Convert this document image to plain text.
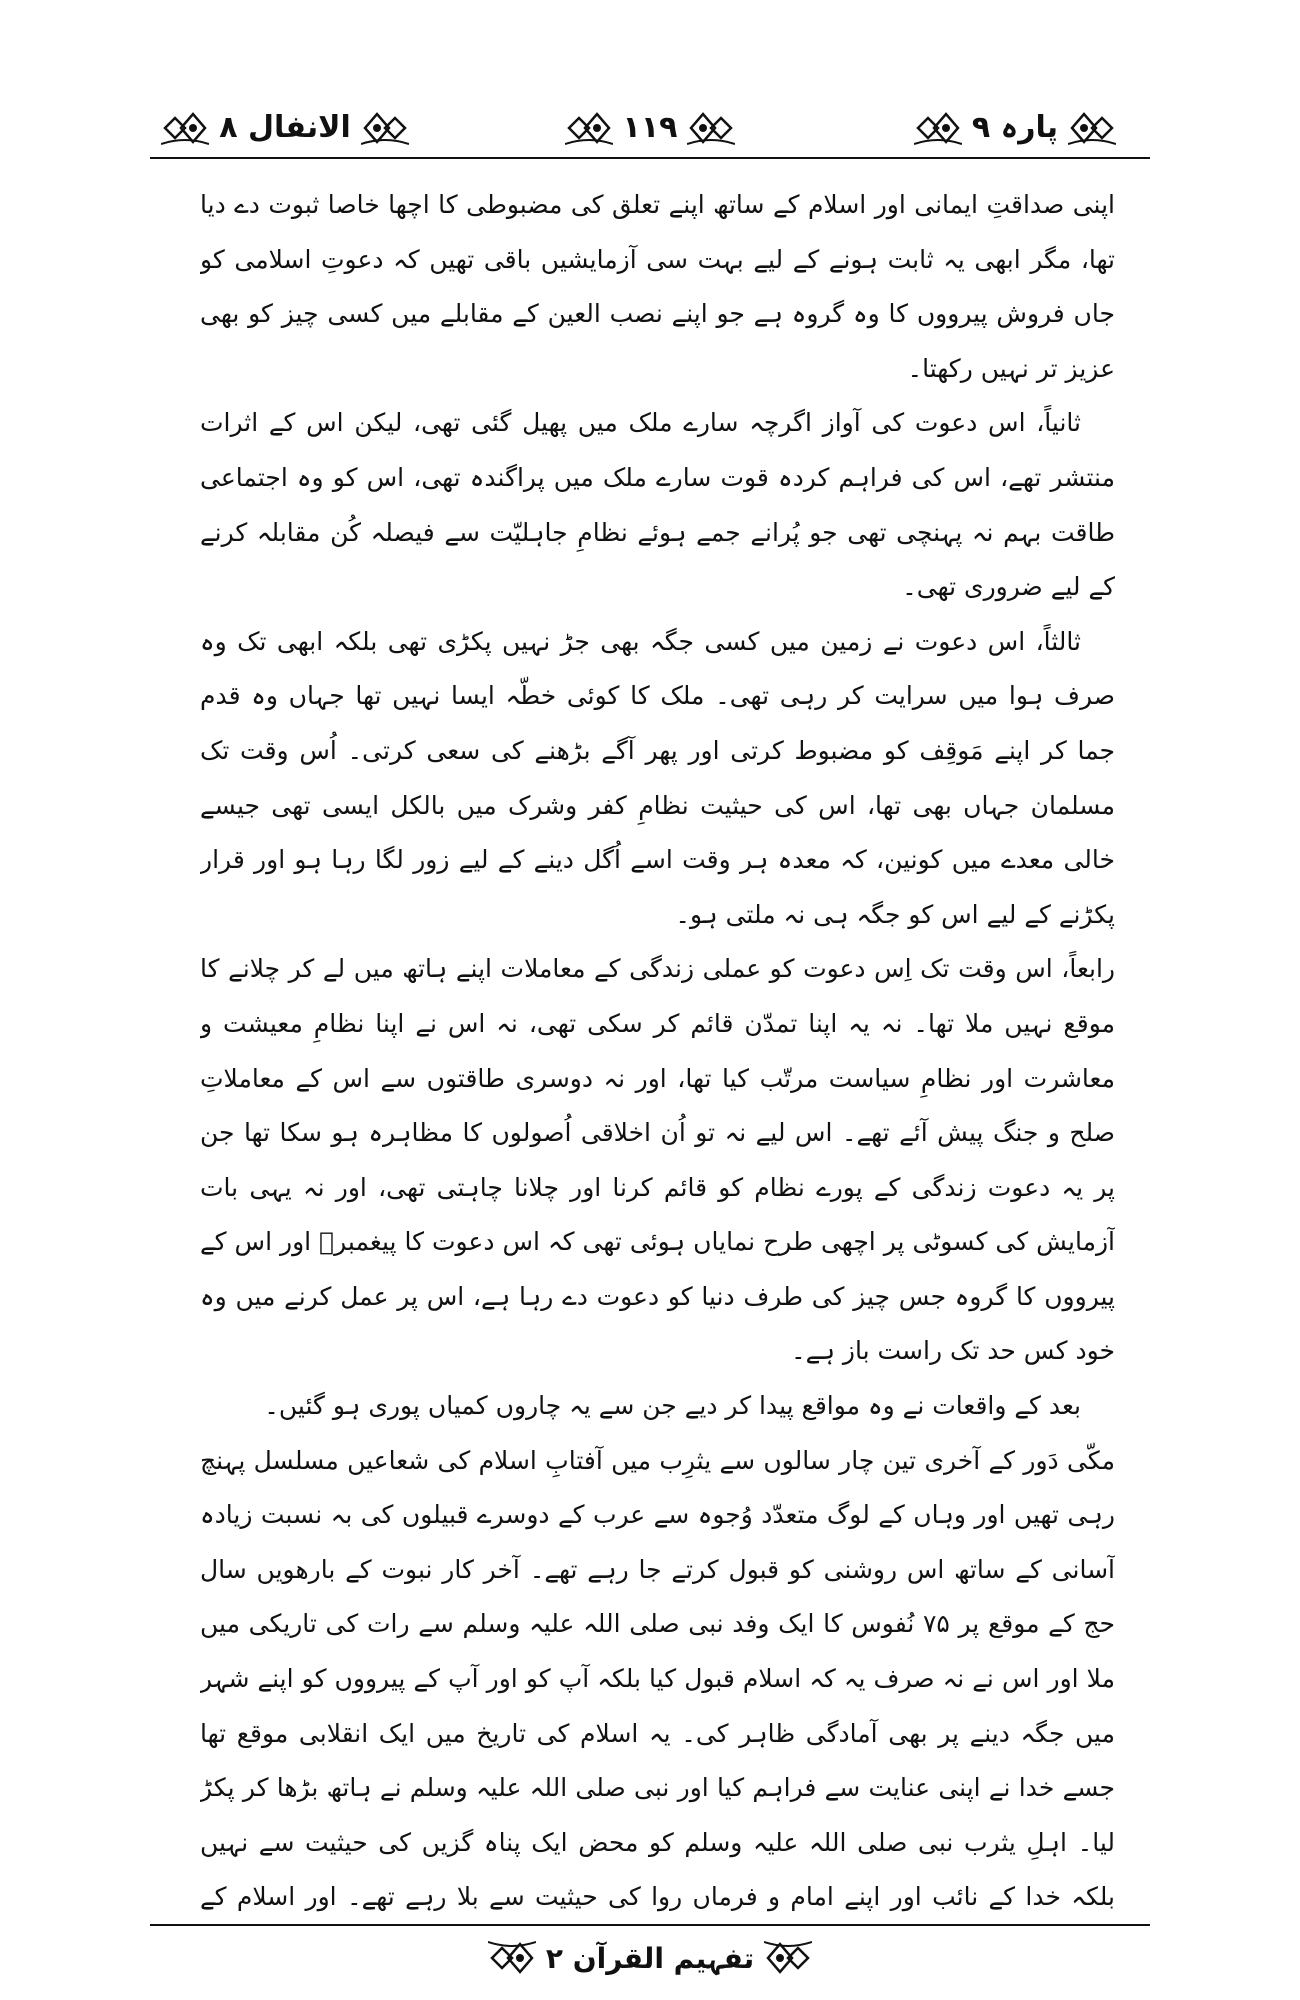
الانفال ۸	۱۱۹	پارہ ۹

اپنی صداقتِ ایمانی اور اسلام کے ساتھ اپنے تعلق کی مضبوطی کا اچھا خاصا ثبوت دے دیا تھا، مگر ابھی یہ ثابت ہونے کے لیے بہت سی آزمایشیں باقی تھیں کہ دعوتِ اسلامی کو جاں فروش پیرووں کا وہ گروہ ہے جو اپنے نصب العین کے مقابلے میں کسی چیز کو بھی عزیز تر نہیں رکھتا۔

ثانیاً، اس دعوت کی آواز اگرچہ سارے ملک میں پھیل گئی تھی، لیکن اس کے اثرات منتشر تھے، اس کی فراہم کردہ قوت سارے ملک میں پراگندہ تھی، اس کو وہ اجتماعی طاقت بہم نہ پہنچی تھی جو پُرانے جمے ہوئے نظامِ جاہلیّت سے فیصلہ کُن مقابلہ کرنے کے لیے ضروری تھی۔

ثالثاً، اس دعوت نے زمین میں کسی جگہ بھی جڑ نہیں پکڑی تھی بلکہ ابھی تک وہ صرف ہوا میں سرایت کر رہی تھی۔ ملک کا کوئی خطّہ ایسا نہیں تھا جہاں وہ قدم جما کر اپنے مَوقِف کو مضبوط کرتی اور پھر آگے بڑھنے کی سعی کرتی۔ اُس وقت تک مسلمان جہاں بھی تھا، اس کی حیثیت نظامِ کفر وشرک میں بالکل ایسی تھی جیسے خالی معدے میں کونین، کہ معدہ ہر وقت اسے اُگل دینے کے لیے زور لگا رہا ہو اور قرار پکڑنے کے لیے اس کو جگہ ہی نہ ملتی ہو۔

رابعاً، اس وقت تک اِس دعوت کو عملی زندگی کے معاملات اپنے ہاتھ میں لے کر چلانے کا موقع نہیں ملا تھا۔ نہ یہ اپنا تمدّن قائم کر سکی تھی، نہ اس نے اپنا نظامِ معیشت و معاشرت اور نظامِ سیاست مرتّب کیا تھا، اور نہ دوسری طاقتوں سے اس کے معاملاتِ صلح و جنگ پیش آئے تھے۔ اس لیے نہ تو اُن اخلاقی اُصولوں کا مظاہرہ ہو سکا تھا جن پر یہ دعوت زندگی کے پورے نظام کو قائم کرنا اور چلانا چاہتی تھی، اور نہ یہی بات آزمایش کی کسوٹی پر اچھی طرح نمایاں ہوئی تھی کہ اس دعوت کا پیغمبرؐ اور اس کے پیرووں کا گروہ جس چیز کی طرف دنیا کو دعوت دے رہا ہے، اس پر عمل کرنے میں وہ خود کس حد تک راست باز ہے۔

بعد کے واقعات نے وہ مواقع پیدا کر دیے جن سے یہ چاروں کمیاں پوری ہو گئیں۔

مکّی دَور کے آخری تین چار سالوں سے یثرِب میں آفتابِ اسلام کی شعاعیں مسلسل پہنچ رہی تھیں اور وہاں کے لوگ متعدّد وُجوہ سے عرب کے دوسرے قبیلوں کی بہ نسبت زیادہ آسانی کے ساتھ اس روشنی کو قبول کرتے جا رہے تھے۔ آخر کار نبوت کے بارھویں سال حج کے موقع پر ۷۵ نُفوس کا ایک وفد نبی صلی اللہ علیہ وسلم سے رات کی تاریکی میں ملا اور اس نے نہ صرف یہ کہ اسلام قبول کیا بلکہ آپ کو اور آپ کے پیرووں کو اپنے شہر میں جگہ دینے پر بھی آمادگی ظاہر کی۔ یہ اسلام کی تاریخ میں ایک انقلابی موقع تھا جسے خدا نے اپنی عنایت سے فراہم کیا اور نبی صلی اللہ علیہ وسلم نے ہاتھ بڑھا کر پکڑ لیا۔ اہلِ یثرب نبی صلی اللہ علیہ وسلم کو محض ایک پناہ گزیں کی حیثیت سے نہیں بلکہ خدا کے نائب اور اپنے امام و فرماں روا کی حیثیت سے بلا رہے تھے۔ اور اسلام کے

تفہیم القرآن ۲
